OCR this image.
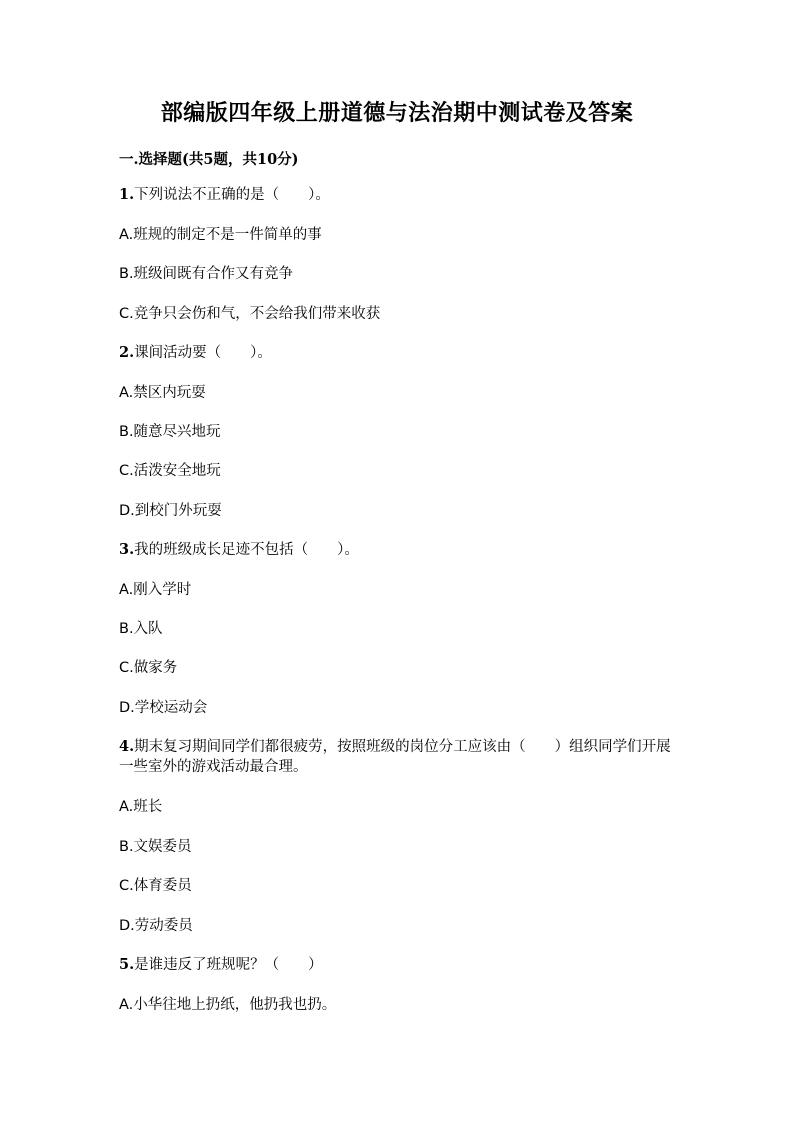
部编版四年级上册道德与法治期中测试卷及答案
一.选择题(共5题，共10分)
1.下列说法不正确的是（　　）。
A.班规的制定不是一件简单的事
B.班级间既有合作又有竞争
C.竞争只会伤和气，不会给我们带来收获
2.课间活动要（　　）。
A.禁区内玩耍
B.随意尽兴地玩
C.活泼安全地玩
D.到校门外玩耍
3.我的班级成长足迹不包括（　　）。
A.刚入学时
B.入队
C.做家务
D.学校运动会
4.期末复习期间同学们都很疲劳，按照班级的岗位分工应该由（　　）组织同学们开展一些室外的游戏活动最合理。
A.班长
B.文娱委员
C.体育委员
D.劳动委员
5.是谁违反了班规呢？（　　）
A.小华往地上扔纸，他扔我也扔。
